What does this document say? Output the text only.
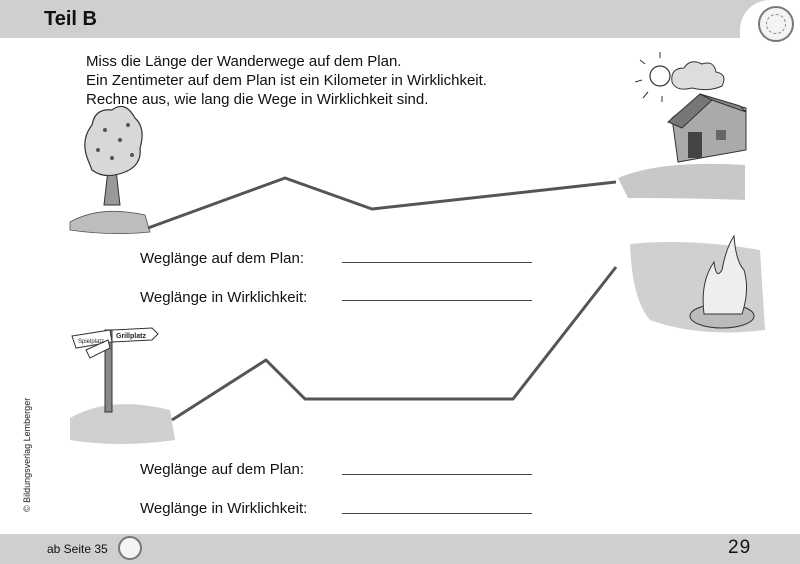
Teil B
Miss die Länge der Wanderwege auf dem Plan.
Ein Zentimeter auf dem Plan ist ein Kilometer in Wirklichkeit.
Rechne aus, wie lang die Wege in Wirklichkeit sind.
Spielplatz
Grillplatz
Weglänge auf dem Plan:
Weglänge in Wirklichkeit:
Weglänge auf dem Plan:
Weglänge in Wirklichkeit:
© Bildungsverlag Lemberger
ab Seite 35	29
